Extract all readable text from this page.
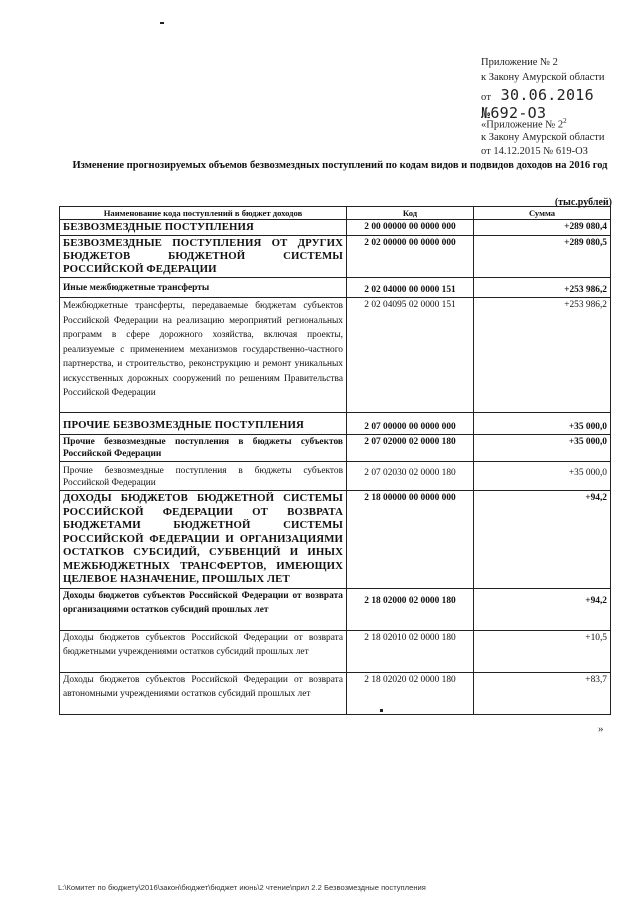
Приложение № 2
к Закону Амурской области
от 30.06.2016 №692-ОЗ
«Приложение № $2^2$
к Закону Амурской области
от 14.12.2015 № 619-ОЗ
Изменение прогнозируемых объемов безвозмездных поступлений по кодам видов и подвидов доходов на 2016 год
(тыс.рублей)
Наименование кода поступлений в бюджет доходов	Код	Сумма
БЕЗВОЗМЕЗДНЫЕ ПОСТУПЛЕНИЯ	2 00 00000 00 0000 000	+289 080,4
БЕЗВОЗМЕЗДНЫЕ ПОСТУПЛЕНИЯ ОТ ДРУГИХ БЮДЖЕТОВ БЮДЖЕТНОЙ СИСТЕМЫ РОССИЙСКОЙ ФЕДЕРАЦИИ	2 02 00000 00 0000 000	+289 080,5
Иные межбюджетные трансферты	2 02 04000 00 0000 151	+253 986,2
Межбюджетные трансферты, передаваемые бюджетам субъектов Российской Федерации на реализацию мероприятий региональных программ в сфере дорожного хозяйства, включая проекты, реализуемые с применением механизмов государственно-частного партнерства, и строительство, реконструкцию и ремонт уникальных искусственных дорожных сооружений по решениям Правительства Российской Федерации	2 02 04095 02 0000 151	+253 986,2
ПРОЧИЕ БЕЗВОЗМЕЗДНЫЕ ПОСТУПЛЕНИЯ	2 07 00000 00 0000 000	+35 000,0
Прочие безвозмездные поступления в бюджеты субъектов Российской Федерации	2 07 02000 02 0000 180	+35 000,0
Прочие безвозмездные поступления в бюджеты субъектов Российской Федерации	2 07 02030 02 0000 180	+35 000,0
ДОХОДЫ БЮДЖЕТОВ БЮДЖЕТНОЙ СИСТЕМЫ РОССИЙСКОЙ ФЕДЕРАЦИИ ОТ ВОЗВРАТА БЮДЖЕТАМИ БЮДЖЕТНОЙ СИСТЕМЫ РОССИЙСКОЙ ФЕДЕРАЦИИ И ОРГАНИЗАЦИЯМИ ОСТАТКОВ СУБСИДИЙ, СУБВЕНЦИЙ И ИНЫХ МЕЖБЮДЖЕТНЫХ ТРАНСФЕРТОВ, ИМЕЮЩИХ ЦЕЛЕВОЕ НАЗНАЧЕНИЕ, ПРОШЛЫХ ЛЕТ	2 18 00000 00 0000 000	+94,2
Доходы бюджетов субъектов Российской Федерации от возврата организациями остатков субсидий прошлых лет	2 18 02000 02 0000 180	+94,2
Доходы бюджетов субъектов Российской Федерации от возврата бюджетными учреждениями остатков субсидий прошлых лет	2 18 02010 02 0000 180	+10,5
Доходы бюджетов субъектов Российской Федерации от возврата автономными учреждениями остатков субсидий прошлых лет	2 18 02020 02 0000 180	+83,7
»
L:\Комитет по бюджету\2016\закон\бюджет\бюджет июнь\2 чтение\прил 2.2 Безвозмездные поступления
